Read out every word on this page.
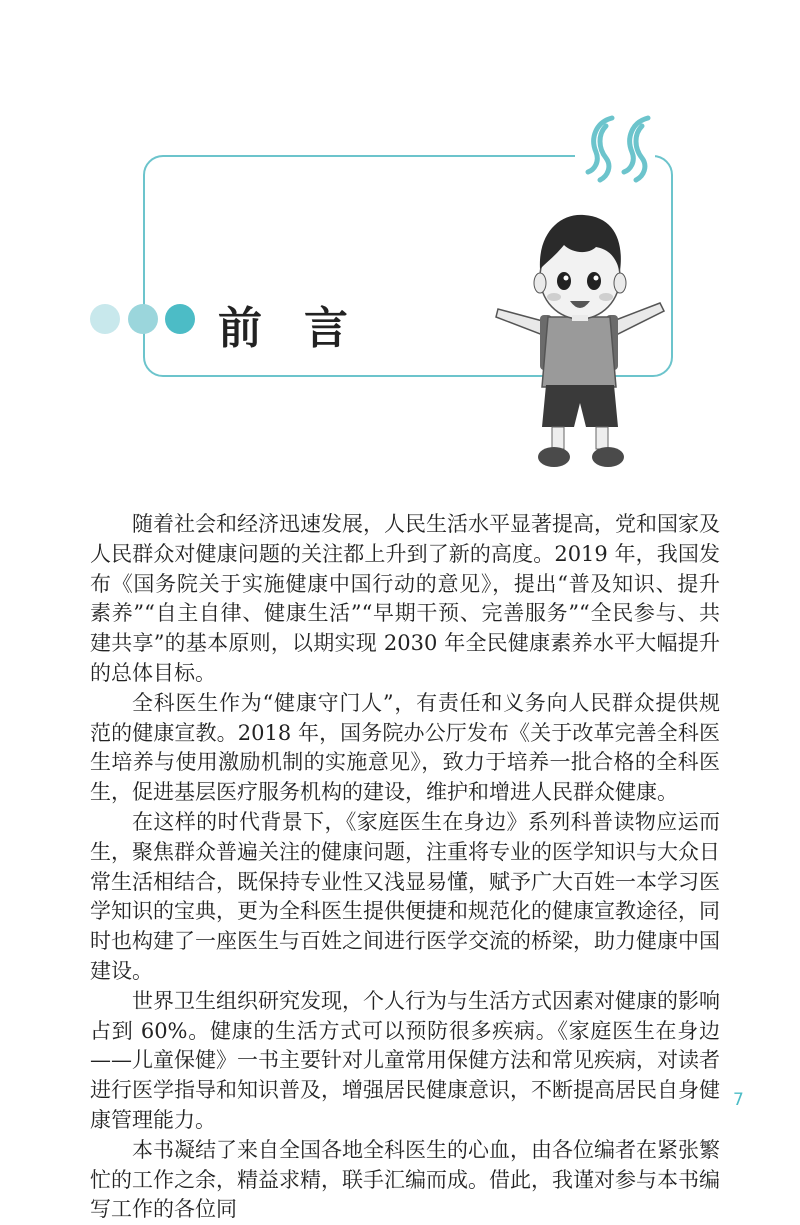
前言

随着社会和经济迅速发展，人民生活水平显著提高，党和国家及人民群众对健康问题的关注都上升到了新的高度。2019 年，我国发布《国务院关于实施健康中国行动的意见》，提出“普及知识、提升素养”“自主自律、健康生活”“早期干预、完善服务”“全民参与、共建共享”的基本原则，以期实现 2030 年全民健康素养水平大幅提升的总体目标。

全科医生作为“健康守门人”，有责任和义务向人民群众提供规范的健康宣教。2018 年，国务院办公厅发布《关于改革完善全科医生培养与使用激励机制的实施意见》，致力于培养一批合格的全科医生，促进基层医疗服务机构的建设，维护和增进人民群众健康。

在这样的时代背景下，《家庭医生在身边》系列科普读物应运而生，聚焦群众普遍关注的健康问题，注重将专业的医学知识与大众日常生活相结合，既保持专业性又浅显易懂，赋予广大百姓一本学习医学知识的宝典，更为全科医生提供便捷和规范化的健康宣教途径，同时也构建了一座医生与百姓之间进行医学交流的桥梁，助力健康中国建设。

世界卫生组织研究发现，个人行为与生活方式因素对健康的影响占到 60%。健康的生活方式可以预防很多疾病。《家庭医生在身边——儿童保健》一书主要针对儿童常用保健方法和常见疾病，对读者进行医学指导和知识普及，增强居民健康意识，不断提高居民自身健康管理能力。

本书凝结了来自全国各地全科医生的心血，由各位编者在紧张繁忙的工作之余，精益求精，联手汇编而成。借此，我谨对参与本书编写工作的各位同

7
